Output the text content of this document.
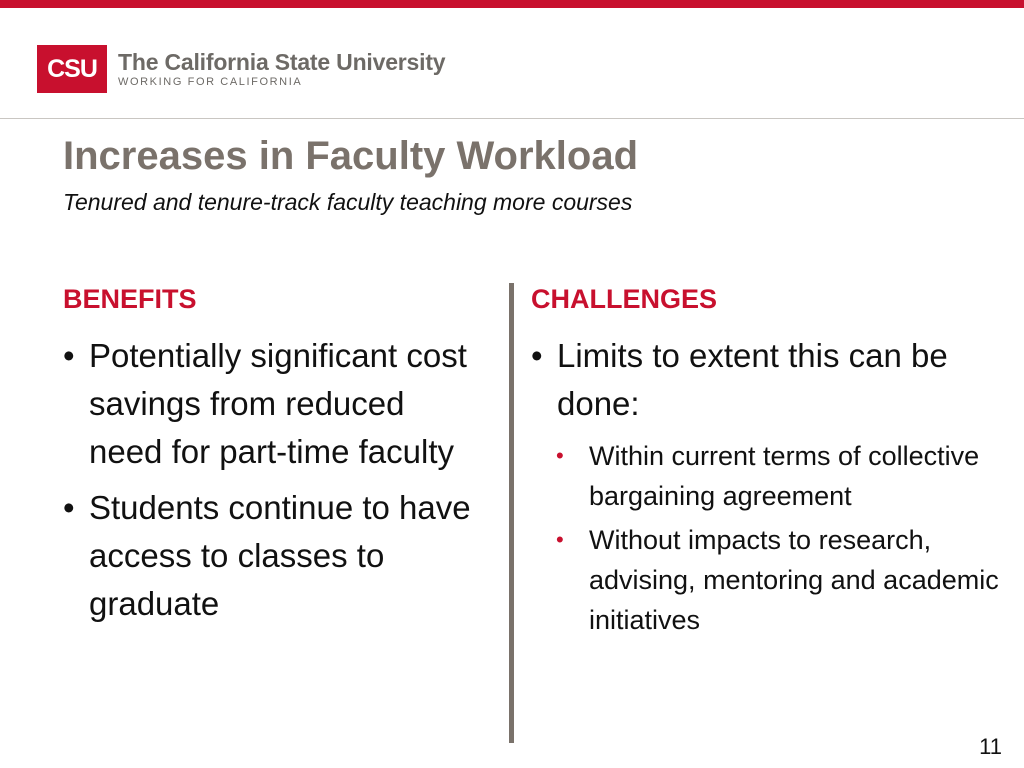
CSU The California State University
WORKING FOR CALIFORNIA
Increases in Faculty Workload

Tenured and tenure-track faculty teaching more courses

BENEFITS
• Potentially significant cost savings from reduced need for part-time faculty
• Students continue to have access to classes to graduate
CHALLENGES
• Limits to extent this can be done:
• Within current terms of collective bargaining agreement
• Without impacts to research, advising, mentoring and academic initiatives
11
